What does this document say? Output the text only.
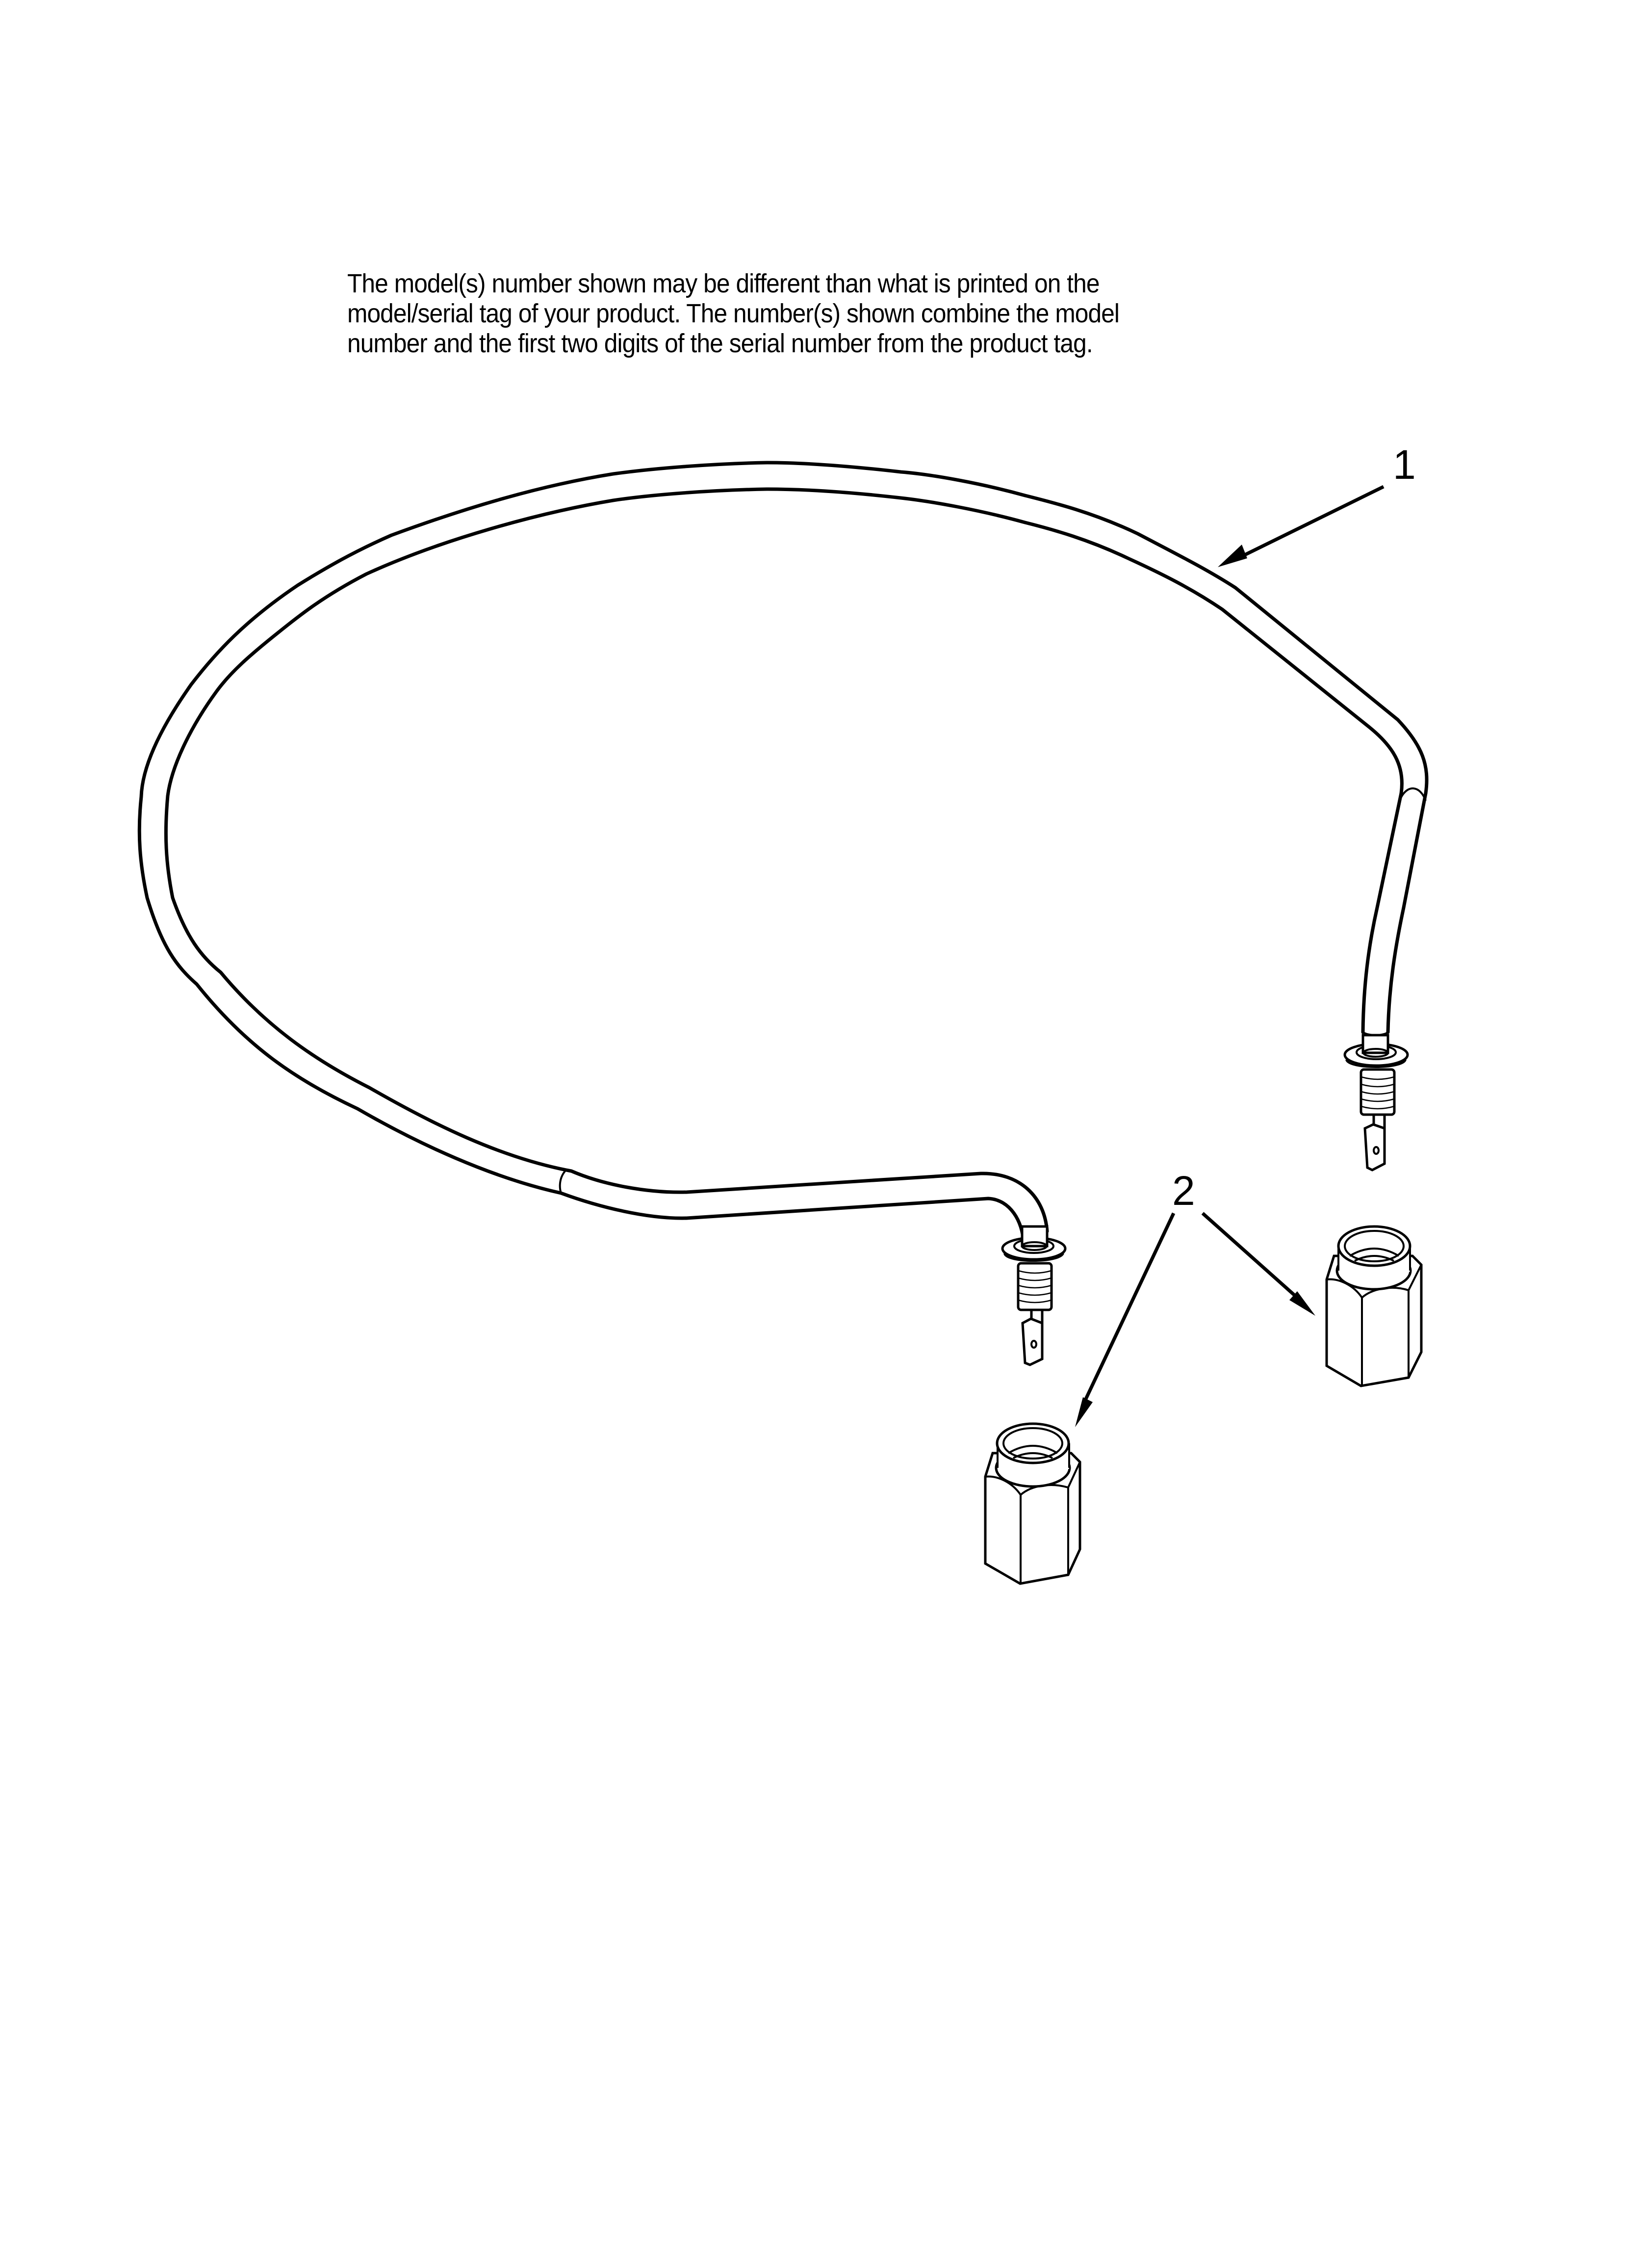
The model(s) number shown may be different than what is printed on the
model/serial tag of your product. The number(s) shown combine the model
number and the first two digits of the serial number from the product tag.
1
2
